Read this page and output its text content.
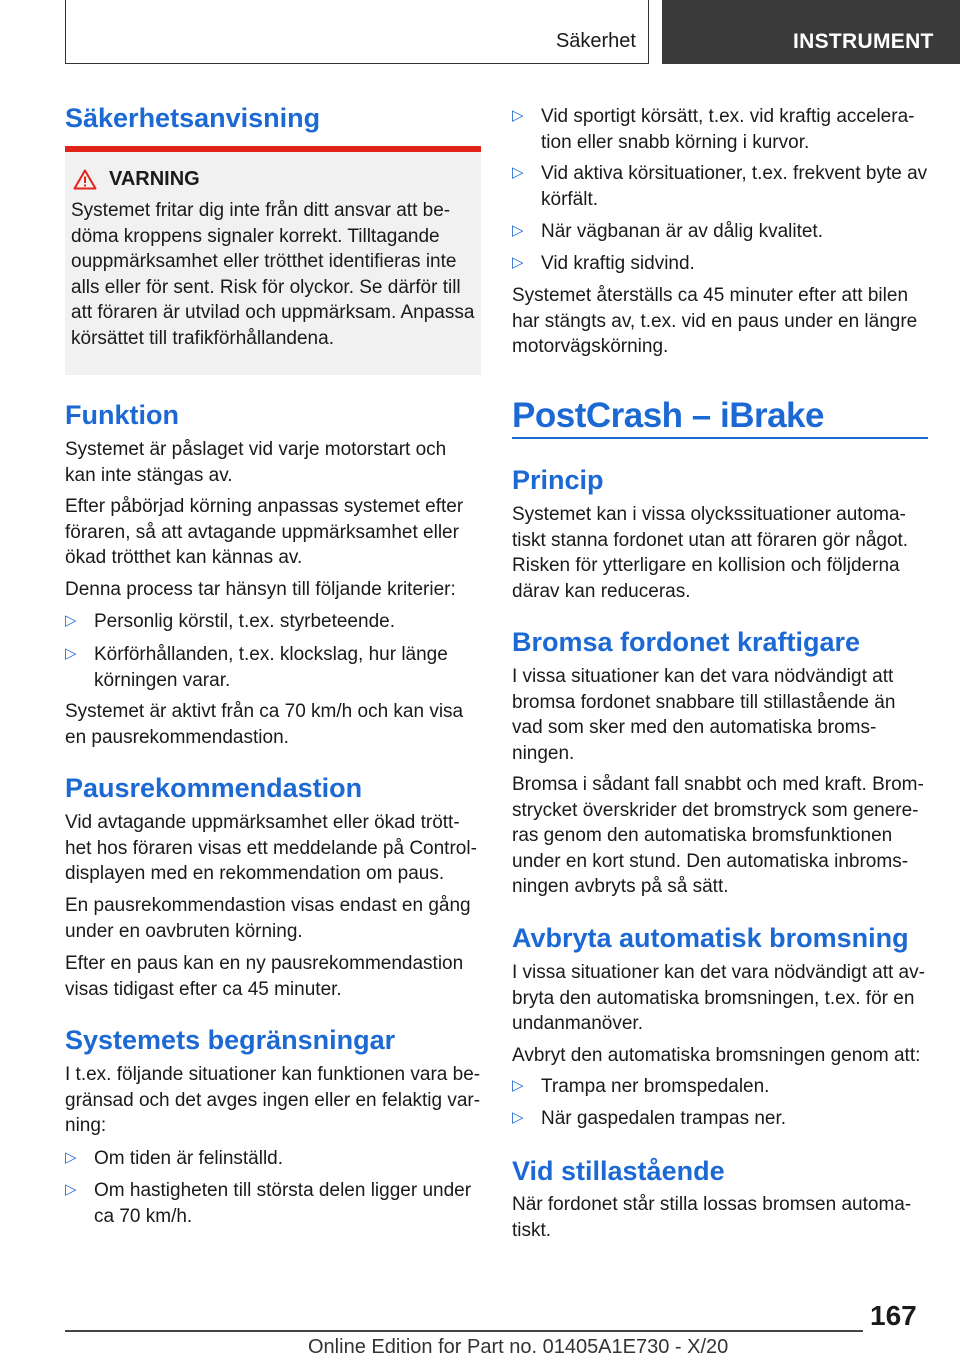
Säkerhet	INSTRUMENT
Säkerhetsanvisning
VARNING

Systemet fritar dig inte från ditt ansvar att be-

döma kroppens signaler korrekt. Tilltagande

ouppmärksamhet eller trötthet identifieras inte

alls eller för sent. Risk för olyckor. Se därför till

att föraren är utvilad och uppmärksam. Anpassa

körsättet till trafikförhållandena.

Funktion

Systemet är påslaget vid varje motorstart och

kan inte stängas av.

Efter påbörjad körning anpassas systemet efter

föraren, så att avtagande uppmärksamhet eller

ökad trötthet kan kännas av.

Denna process tar hänsyn till följande kriterier:

▷ Personlig körstil, t.ex. styrbeteende.

▷ Körförhållanden, t.ex. klockslag, hur länge

körningen varar.

Systemet är aktivt från ca 70 km/h och kan visa

en pausrekommendastion.

Pausrekommendastion

Vid avtagande uppmärksamhet eller ökad trött-

het hos föraren visas ett meddelande på Control-

displayen med en rekommendation om paus.

En pausrekommendastion visas endast en gång

under en oavbruten körning.

Efter en paus kan en ny pausrekommendastion

visas tidigast efter ca 45 minuter.

Systemets begränsningar

I t.ex. följande situationer kan funktionen vara be-

gränsad och det avges ingen eller en felaktig var-

ning:

▷ Om tiden är felinställd.

▷ Om hastigheten till största delen ligger under

ca 70 km/h.

▷ Vid sportigt körsätt, t.ex. vid kraftig accelera-

tion eller snabb körning i kurvor.

▷ Vid aktiva körsituationer, t.ex. frekvent byte av

körfält.

▷ När vägbanan är av dålig kvalitet.

▷ Vid kraftig sidvind.

Systemet återställs ca 45 minuter efter att bilen

har stängts av, t.ex. vid en paus under en längre

motorvägskörning.

PostCrash – iBrake
Princip

Systemet kan i vissa olyckssituationer automa-

tiskt stanna fordonet utan att föraren gör något.

Risken för ytterligare en kollision och följderna

därav kan reduceras.

Bromsa fordonet kraftigare

I vissa situationer kan det vara nödvändigt att

bromsa fordonet snabbare till stillastående än

vad som sker med den automatiska broms-

ningen.

Bromsa i sådant fall snabbt och med kraft. Brom-

strycket överskrider det bromstryck som genere-

ras genom den automatiska bromsfunktionen

under en kort stund. Den automatiska inbroms-

ningen avbryts på så sätt.

Avbryta automatisk bromsning

I vissa situationer kan det vara nödvändigt att av-

bryta den automatiska bromsningen, t.ex. för en

undanmanöver.

Avbryt den automatiska bromsningen genom att:

▷ Trampa ner bromspedalen.

▷ När gaspedalen trampas ner.

Vid stillastående

När fordonet står stilla lossas bromsen automa-

tiskt.

167
Online Edition for Part no. 01405A1E730 - X/20
